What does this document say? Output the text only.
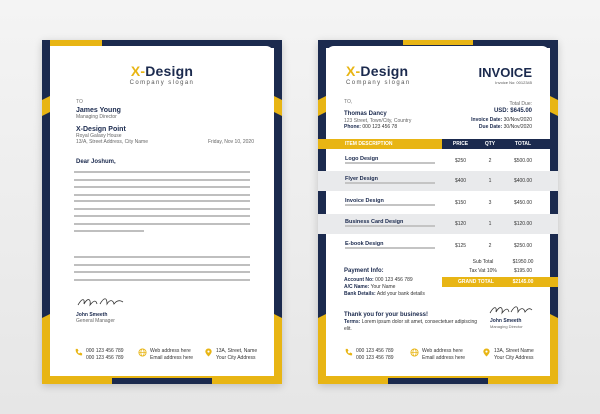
X-Design
Company slogan
TO
James Young
Managing Director
X-Design Point
Royal Galaxy House
13/A, Street Address, City Name	Friday, Nov 10, 2020
Dear Joshum,
John Smeeth
General Manager
000 123 456 789
000 123 456 789
Web address here
Email address here
13A, Street, Name
Your City Address
X-Design
Company slogan
INVOICE
Invoice No: 0012345
Total Due:
USD: $645.00
Invoice Date: 30/Nov/2020
Due Date: 30/Nov/2020
TO,
Thomas Dancy
123 Street, Town/City, Country
Phone: 000 123 456 78
ITEM DESCRIPTION	PRICE	QTY	TOTAL
Logo Design	$250	2	$500.00
Flyer Design	$400	1	$400.00
Invoice Design	$150	3	$450.00
Business Card Design	$120	1	$120.00
E-book Design	$125	2	$250.00
Sub Total	$1950.00
Tax Vat 10%	$195.00
GRAND TOTAL	$2145.00
Payment Info:
Account No: 000 123 456 789
A/C Name: Your Name
Bank Details: Add your bank details
Thank you for your business!
Terms: Lorem ipsum dolor sit amet, consectetuer adipiscing elit.
John Smeeth
Managing Director
000 123 456 789
000 123 456 789
Web address here
Email address here
13A, Street Name
Your City Address
